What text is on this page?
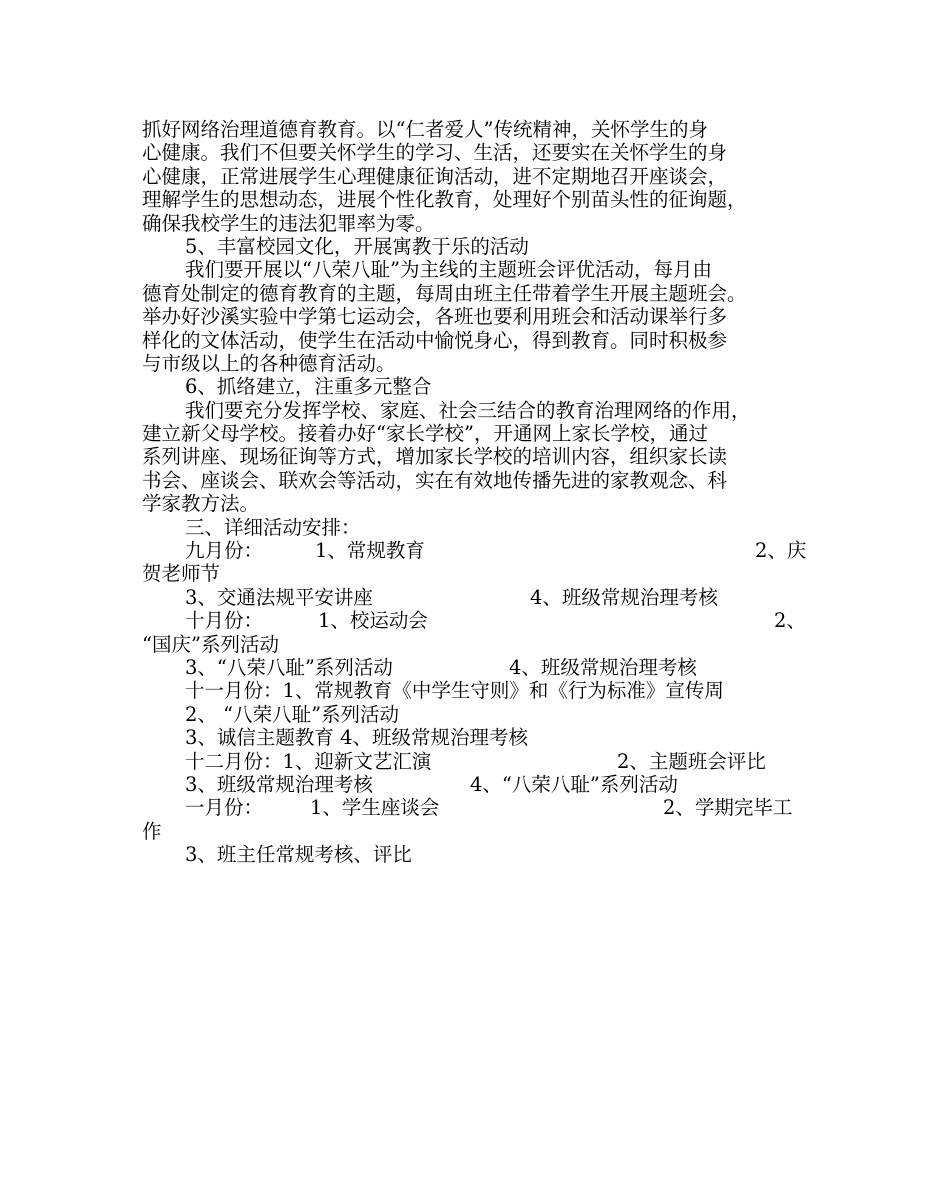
抓好网络治理道德育教育。以“仁者爱人”传统精神，关怀学生的身
心健康。我们不但要关怀学生的学习、生活，还要实在关怀学生的身
心健康，正常进展学生心理健康征询活动，进不定期地召开座谈会，
理解学生的思想动态，进展个性化教育，处理好个别苗头性的征询题，
确保我校学生的违法犯罪率为零。
5、丰富校园文化，开展寓教于乐的活动
我们要开展以“八荣八耻”为主线的主题班会评优活动，每月由
德育处制定的德育教育的主题，每周由班主任带着学生开展主题班会。
举办好沙溪实验中学第七运动会，各班也要利用班会和活动课举行多
样化的文体活动，使学生在活动中愉悦身心，得到教育。同时积极参
与市级以上的各种德育活动。
6、抓络建立，注重多元整合
我们要充分发挥学校、家庭、社会三结合的教育治理网络的作用，
建立新父母学校。接着办好“家长学校”，开通网上家长学校，通过
系列讲座、现场征询等方式，增加家长学校的培训内容，组织家长读
书会、座谈会、联欢会等活动，实在有效地传播先进的家教观念、科
学家教方法。
三、详细活动安排：

九月份：

	1、常规教育

	2、庆

贺老师节

3、交通法规平安讲座

	4、班级常规治理考核

十月份：

	1、校运动会

	2、

“国庆”系列活动

3、“八荣八耻”系列活动

	4、班级常规治理考核

十一月份：1、常规教育《中学生守则》和《行为标准》宣传周
2、 “八荣八耻”系列活动
3、诚信主题教育 4、班级常规治理考核

十二月份：1、迎新文艺汇演

	2、主题班会评比

3、班级常规治理考核

	4、“八荣八耻”系列活动

一月份：

1、学生座谈会

	2、学期完毕工

作
3、班主任常规考核、评比
